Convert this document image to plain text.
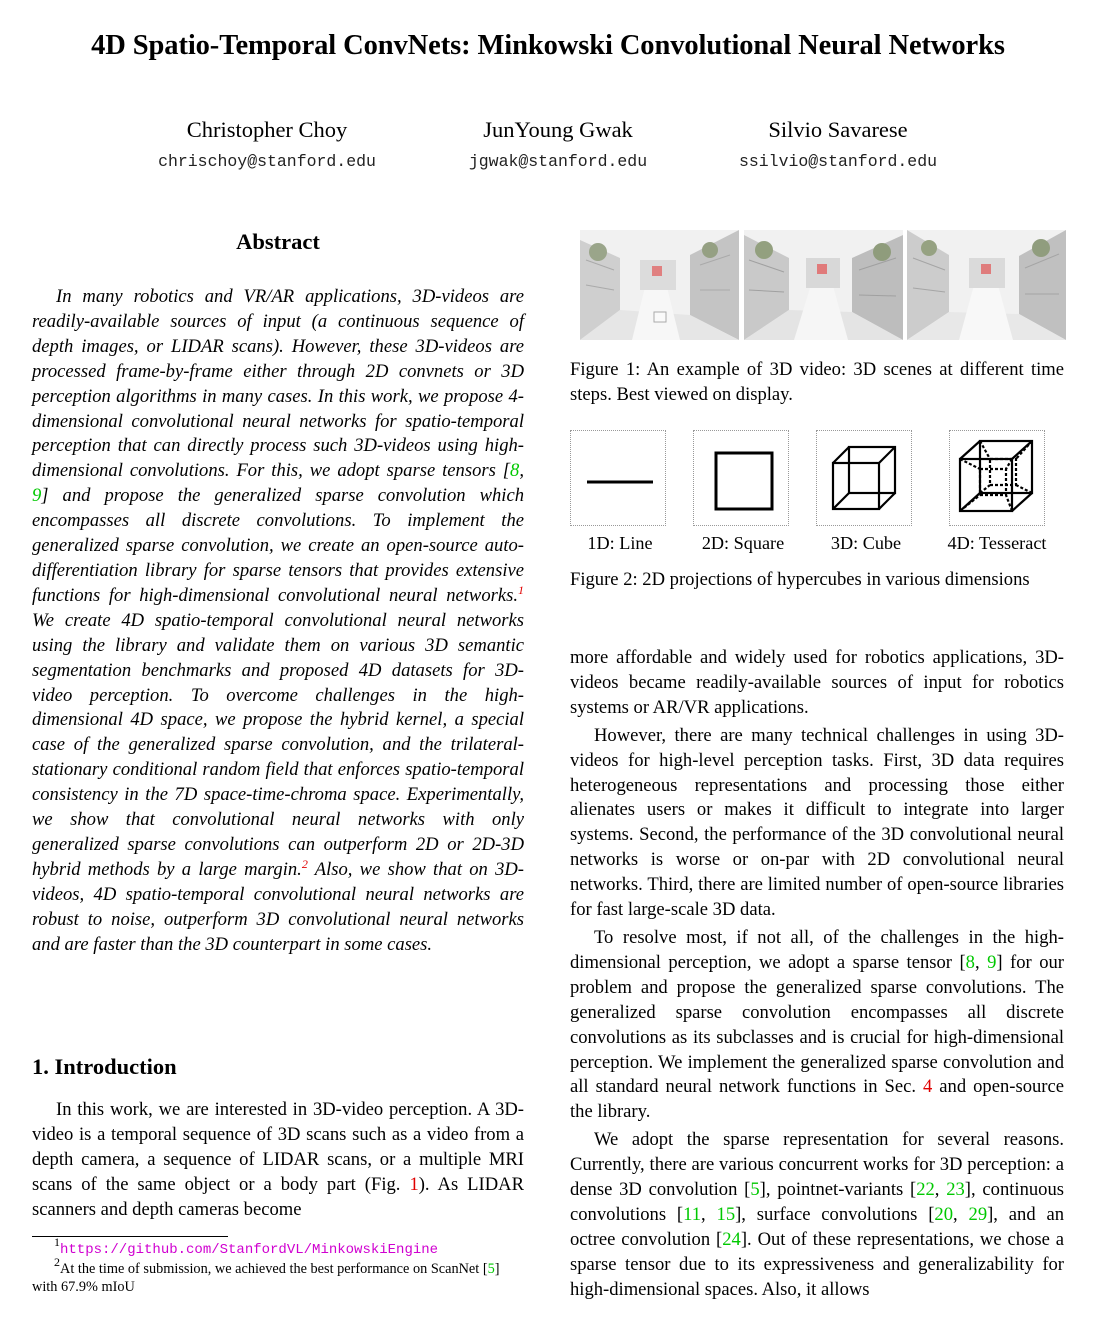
4D Spatio-Temporal ConvNets: Minkowski Convolutional Neural Networks
Christopher Choy
chrischoy@stanford.edu
JunYoung Gwak
jgwak@stanford.edu
Silvio Savarese
ssilvio@stanford.edu
Abstract
In many robotics and VR/AR applications, 3D-videos are readily-available sources of input (a continuous sequence of depth images, or LIDAR scans). However, these 3D-videos are processed frame-by-frame either through 2D convnets or 3D perception algorithms in many cases. In this work, we propose 4-dimensional convolutional neural networks for spatio-temporal perception that can directly process such 3D-videos using high-dimensional convolutions. For this, we adopt sparse tensors [8, 9] and propose the generalized sparse convolution which encompasses all discrete convolutions. To implement the generalized sparse convolution, we create an open-source auto-differentiation library for sparse tensors that provides extensive functions for high-dimensional convolutional neural networks.$^1$ We create 4D spatio-temporal convolutional neural networks using the library and validate them on various 3D semantic segmentation benchmarks and proposed 4D datasets for 3D-video perception. To overcome challenges in the high-dimensional 4D space, we propose the hybrid kernel, a special case of the generalized sparse convolution, and the trilateral-stationary conditional random field that enforces spatio-temporal consistency in the 7D space-time-chroma space. Experimentally, we show that convolutional neural networks with only generalized sparse convolutions can outperform 2D or 2D-3D hybrid methods by a large margin.$^2$ Also, we show that on 3D-videos, 4D spatio-temporal convolutional neural networks are robust to noise, outperform 3D convolutional neural networks and are faster than the 3D counterpart in some cases.
1. Introduction
In this work, we are interested in 3D-video perception. A 3D-video is a temporal sequence of 3D scans such as a video from a depth camera, a sequence of LIDAR scans, or a multiple MRI scans of the same object or a body part (Fig. 1). As LIDAR scanners and depth cameras become
$^1$https://github.com/StanfordVL/MinkowskiEngine
$^2$At the time of submission, we achieved the best performance on ScanNet [5] with 67.9% mIoU
Figure 1: An example of 3D video: 3D scenes at different time steps. Best viewed on display.
1D: Line	2D: Square	3D: Cube	4D: Tesseract
Figure 2: 2D projections of hypercubes in various dimensions

more affordable and widely used for robotics applications, 3D-videos became readily-available sources of input for robotics systems or AR/VR applications.

However, there are many technical challenges in using 3D-videos for high-level perception tasks. First, 3D data requires heterogeneous representations and processing those either alienates users or makes it difficult to integrate into larger systems. Second, the performance of the 3D convolutional neural networks is worse or on-par with 2D convolutional neural networks. Third, there are limited number of open-source libraries for fast large-scale 3D data.

To resolve most, if not all, of the challenges in the high-dimensional perception, we adopt a sparse tensor [8, 9] for our problem and propose the generalized sparse convolutions. The generalized sparse convolution encompasses all discrete convolutions as its subclasses and is crucial for high-dimensional perception. We implement the generalized sparse convolution and all standard neural network functions in Sec. 4 and open-source the library.

We adopt the sparse representation for several reasons. Currently, there are various concurrent works for 3D perception: a dense 3D convolution [5], pointnet-variants [22, 23], continuous convolutions [11, 15], surface convolutions [20, 29], and an octree convolution [24]. Out of these representations, we chose a sparse tensor due to its expressiveness and generalizability for high-dimensional spaces. Also, it allows
